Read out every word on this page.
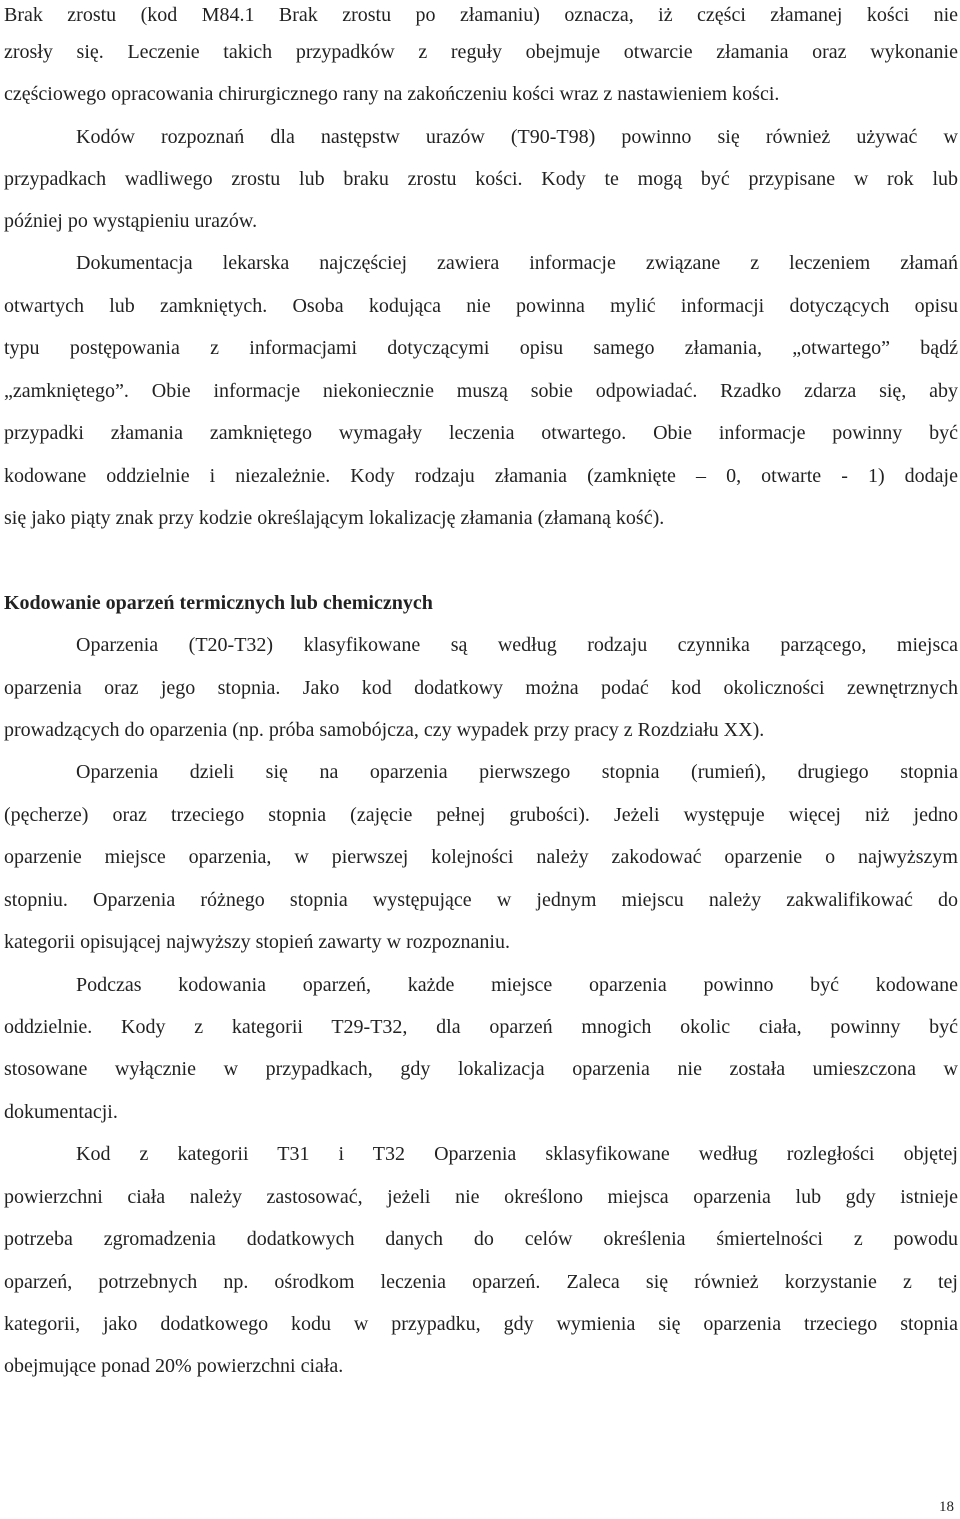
Brak zrostu (kod M84.1 Brak zrostu po złamaniu) oznacza, iż części złamanej kości nie
zrosły się. Leczenie takich przypadków z reguły obejmuje otwarcie złamania oraz wykonanie
częściowego opracowania chirurgicznego rany na zakończeniu kości wraz z nastawieniem kości.
Kodów rozpoznań dla następstw urazów (T90-T98) powinno się również używać w
przypadkach wadliwego zrostu lub braku zrostu kości. Kody te mogą być przypisane w rok lub
później po wystąpieniu urazów.
Dokumentacja lekarska najczęściej zawiera informacje związane z leczeniem złamań
otwartych lub zamkniętych. Osoba kodująca nie powinna mylić informacji dotyczących opisu
typu postępowania z informacjami dotyczącymi opisu samego złamania, „otwartego” bądź
„zamkniętego”. Obie informacje niekoniecznie muszą sobie odpowiadać. Rzadko zdarza się, aby
przypadki złamania zamkniętego wymagały leczenia otwartego. Obie informacje powinny być
kodowane oddzielnie i niezależnie. Kody rodzaju złamania (zamknięte – 0, otwarte - 1) dodaje
się jako piąty znak przy kodzie określającym lokalizację złamania (złamaną kość).
Kodowanie oparzeń termicznych lub chemicznych
Oparzenia (T20-T32) klasyfikowane są według rodzaju czynnika parzącego, miejsca
oparzenia oraz jego stopnia. Jako kod dodatkowy można podać kod okoliczności zewnętrznych
prowadzących do oparzenia (np. próba samobójcza, czy wypadek przy pracy z Rozdziału XX).
Oparzenia dzieli się na oparzenia pierwszego stopnia (rumień), drugiego stopnia
(pęcherze) oraz trzeciego stopnia (zajęcie pełnej grubości). Jeżeli występuje więcej niż jedno
oparzenie miejsce oparzenia, w pierwszej kolejności należy zakodować oparzenie o najwyższym
stopniu. Oparzenia różnego stopnia występujące w jednym miejscu należy zakwalifikować do
kategorii opisującej najwyższy stopień zawarty w rozpoznaniu.
Podczas kodowania oparzeń, każde miejsce oparzenia powinno być kodowane
oddzielnie. Kody z kategorii T29-T32, dla oparzeń mnogich okolic ciała, powinny być
stosowane wyłącznie w przypadkach, gdy lokalizacja oparzenia nie została umieszczona w
dokumentacji.
Kod z kategorii T31 i T32 Oparzenia sklasyfikowane według rozległości objętej
powierzchni ciała należy zastosować, jeżeli nie określono miejsca oparzenia lub gdy istnieje
potrzeba zgromadzenia dodatkowych danych do celów określenia śmiertelności z powodu
oparzeń, potrzebnych np. ośrodkom leczenia oparzeń. Zaleca się również korzystanie z tej
kategorii, jako dodatkowego kodu w przypadku, gdy wymienia się oparzenia trzeciego stopnia
obejmujące ponad 20% powierzchni ciała.
18
